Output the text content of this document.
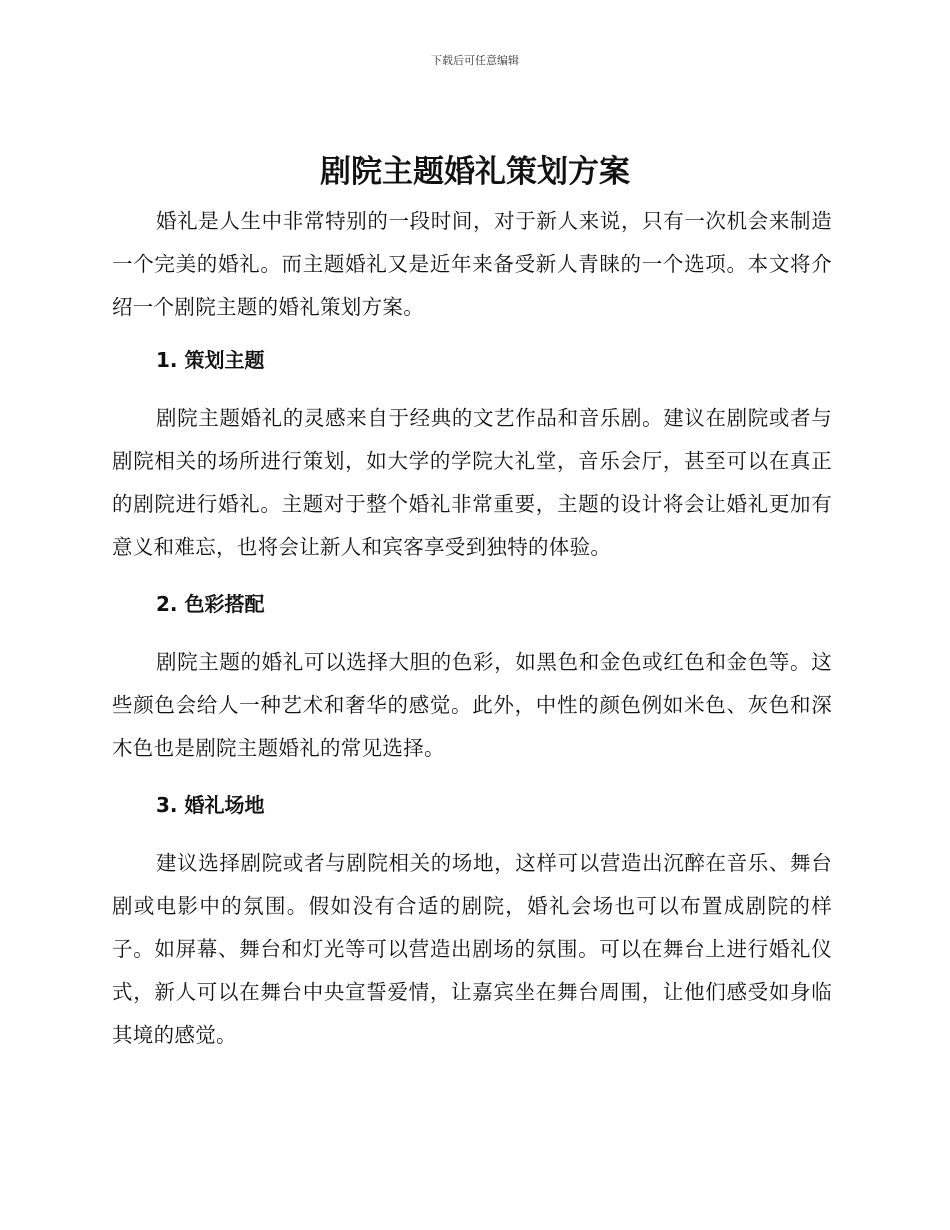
下载后可任意编辑
剧院主题婚礼策划方案

婚礼是人生中非常特别的一段时间，对于新人来说，只有一次机会来制造一个完美的婚礼。而主题婚礼又是近年来备受新人青睐的一个选项。本文将介绍一个剧院主题的婚礼策划方案。

1. 策划主题

剧院主题婚礼的灵感来自于经典的文艺作品和音乐剧。建议在剧院或者与剧院相关的场所进行策划，如大学的学院大礼堂，音乐会厅，甚至可以在真正的剧院进行婚礼。主题对于整个婚礼非常重要，主题的设计将会让婚礼更加有意义和难忘，也将会让新人和宾客享受到独特的体验。

2. 色彩搭配

剧院主题的婚礼可以选择大胆的色彩，如黑色和金色或红色和金色等。这些颜色会给人一种艺术和奢华的感觉。此外，中性的颜色例如米色、灰色和深木色也是剧院主题婚礼的常见选择。

3. 婚礼场地

建议选择剧院或者与剧院相关的场地，这样可以营造出沉醉在音乐、舞台剧或电影中的氛围。假如没有合适的剧院，婚礼会场也可以布置成剧院的样子。如屏幕、舞台和灯光等可以营造出剧场的氛围。可以在舞台上进行婚礼仪式，新人可以在舞台中央宣誓爱情，让嘉宾坐在舞台周围，让他们感受如身临其境的感觉。
